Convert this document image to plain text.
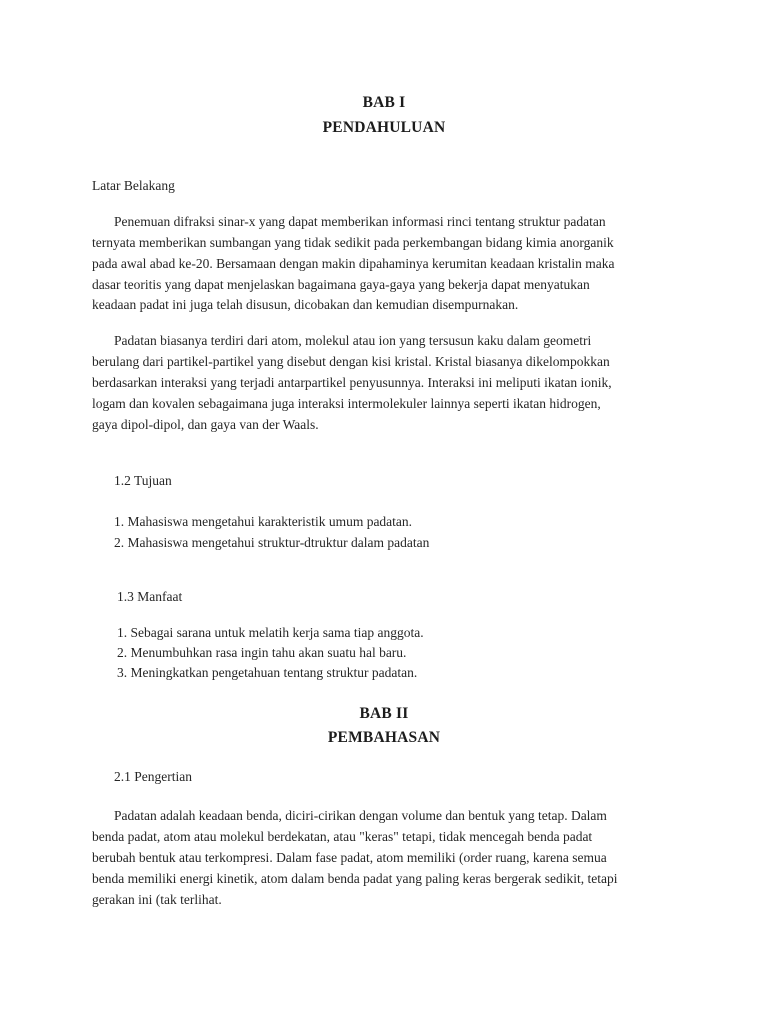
BAB I
PENDAHULUAN
Latar Belakang
Penemuan difraksi sinar-x yang dapat memberikan informasi rinci tentang struktur padatan
ternyata memberikan sumbangan yang tidak sedikit pada perkembangan bidang kimia anorganik
pada awal abad ke-20. Bersamaan dengan makin dipahaminya kerumitan keadaan kristalin maka
dasar teoritis yang dapat menjelaskan bagaimana gaya-gaya yang bekerja dapat menyatukan
keadaan padat ini juga telah disusun, dicobakan dan kemudian disempurnakan.
Padatan biasanya terdiri dari atom, molekul atau ion yang tersusun kaku dalam geometri
berulang dari partikel-partikel yang disebut dengan kisi kristal. Kristal biasanya dikelompokkan
berdasarkan interaksi yang terjadi antarpartikel penyusunnya. Interaksi ini meliputi ikatan ionik,
logam dan kovalen sebagaimana juga interaksi intermolekuler lainnya seperti ikatan hidrogen,
gaya dipol-dipol, dan gaya van der Waals.
1.2 Tujuan
1. Mahasiswa mengetahui karakteristik umum padatan.
2. Mahasiswa mengetahui struktur-dtruktur dalam padatan
1.3 Manfaat
1. Sebagai sarana untuk melatih kerja sama tiap anggota.
2. Menumbuhkan rasa ingin tahu akan suatu hal baru.
3. Meningkatkan pengetahuan tentang struktur padatan.
BAB II
PEMBAHASAN
2.1 Pengertian
Padatan adalah keadaan benda, diciri-cirikan dengan volume dan bentuk yang tetap. Dalam
benda padat, atom atau molekul berdekatan, atau "keras" tetapi, tidak mencegah benda padat
berubah bentuk atau terkompresi. Dalam fase padat, atom memiliki (order ruang, karena semua
benda memiliki energi kinetik, atom dalam benda padat yang paling keras bergerak sedikit, tetapi
gerakan ini (tak terlihat.
